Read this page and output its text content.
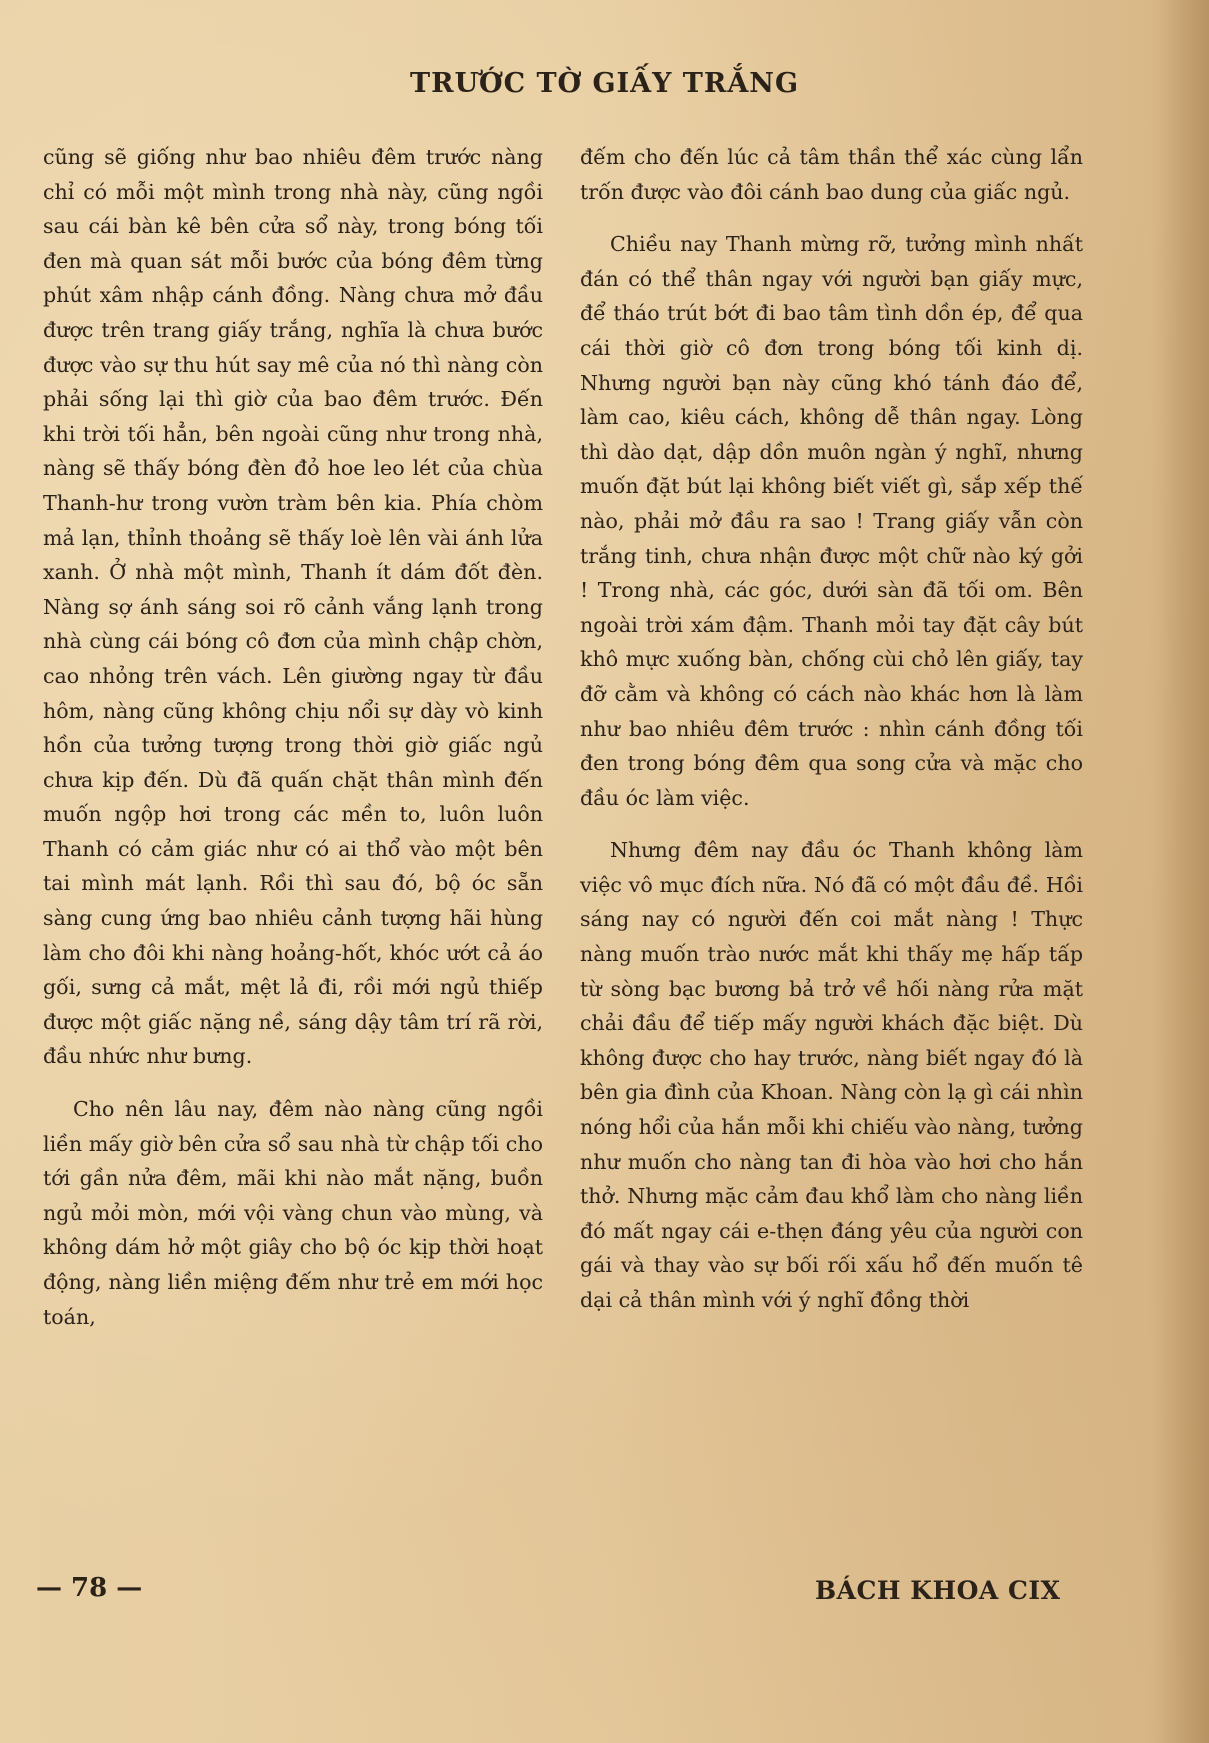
TRƯỚC TỜ GIẤY TRẮNG

cũng sẽ giống như bao nhiêu đêm trước nàng chỉ có mỗi một mình trong nhà này, cũng ngồi sau cái bàn kê bên cửa sổ này, trong bóng tối đen mà quan sát mỗi bước của bóng đêm từng phút xâm nhập cánh đồng. Nàng chưa mở đầu được trên trang giấy trắng, nghĩa là chưa bước được vào sự thu hút say mê của nó thì nàng còn phải sống lại thì giờ của bao đêm trước. Đến khi trời tối hẳn, bên ngoài cũng như trong nhà, nàng sẽ thấy bóng đèn đỏ hoe leo lét của chùa Thanh-hư trong vườn tràm bên kia. Phía chòm mả lạn, thỉnh thoảng sẽ thấy loè lên vài ánh lửa xanh. Ở nhà một mình, Thanh ít dám đốt đèn. Nàng sợ ánh sáng soi rõ cảnh vắng lạnh trong nhà cùng cái bóng cô đơn của mình chập chờn, cao nhỏng trên vách. Lên giường ngay từ đầu hôm, nàng cũng không chịu nổi sự dày vò kinh hồn của tưởng tượng trong thời giờ giấc ngủ chưa kịp đến. Dù đã quấn chặt thân mình đến muốn ngộp hơi trong các mền to, luôn luôn Thanh có cảm giác như có ai thổ vào một bên tai mình mát lạnh. Rồi thì sau đó, bộ óc sẵn sàng cung ứng bao nhiêu cảnh tượng hãi hùng làm cho đôi khi nàng hoảng-hốt, khóc ướt cả áo gối, sưng cả mắt, mệt lả đi, rồi mới ngủ thiếp được một giấc nặng nề, sáng dậy tâm trí rã rời, đầu nhức như bưng.

Cho nên lâu nay, đêm nào nàng cũng ngồi liền mấy giờ bên cửa sổ sau nhà từ chập tối cho tới gần nửa đêm, mãi khi nào mắt nặng, buồn ngủ mỏi mòn, mới vội vàng chun vào mùng, và không dám hở một giây cho bộ óc kịp thời hoạt động, nàng liền miệng đếm như trẻ em mới học toán,

đếm cho đến lúc cả tâm thần thể xác cùng lẩn trốn được vào đôi cánh bao dung của giấc ngủ.

Chiều nay Thanh mừng rỡ, tưởng mình nhất đán có thể thân ngay với người bạn giấy mực, để tháo trút bớt đi bao tâm tình dồn ép, để qua cái thời giờ cô đơn trong bóng tối kinh dị. Nhưng người bạn này cũng khó tánh đáo để, làm cao, kiêu cách, không dễ thân ngay. Lòng thì dào dạt, dập dồn muôn ngàn ý nghĩ, nhưng muốn đặt bút lại không biết viết gì, sắp xếp thế nào, phải mở đầu ra sao ! Trang giấy vẫn còn trắng tinh, chưa nhận được một chữ nào ký gởi ! Trong nhà, các góc, dưới sàn đã tối om. Bên ngoài trời xám đậm. Thanh mỏi tay đặt cây bút khô mực xuống bàn, chống cùi chỏ lên giấy, tay đỡ cằm và không có cách nào khác hơn là làm như bao nhiêu đêm trước : nhìn cánh đồng tối đen trong bóng đêm qua song cửa và mặc cho đầu óc làm việc.

Nhưng đêm nay đầu óc Thanh không làm việc vô mục đích nữa. Nó đã có một đầu đề. Hồi sáng nay có người đến coi mắt nàng ! Thực nàng muốn trào nước mắt khi thấy mẹ hấp tấp từ sòng bạc bương bả trở về hối nàng rửa mặt chải đầu để tiếp mấy người khách đặc biệt. Dù không được cho hay trước, nàng biết ngay đó là bên gia đình của Khoan. Nàng còn lạ gì cái nhìn nóng hổi của hắn mỗi khi chiếu vào nàng, tưởng như muốn cho nàng tan đi hòa vào hơi cho hắn thở. Nhưng mặc cảm đau khổ làm cho nàng liền đó mất ngay cái e-thẹn đáng yêu của người con gái và thay vào sự bối rối xấu hổ đến muốn tê dại cả thân mình với ý nghĩ đồng thời

— 78 —	BÁCH KHOA CIX
